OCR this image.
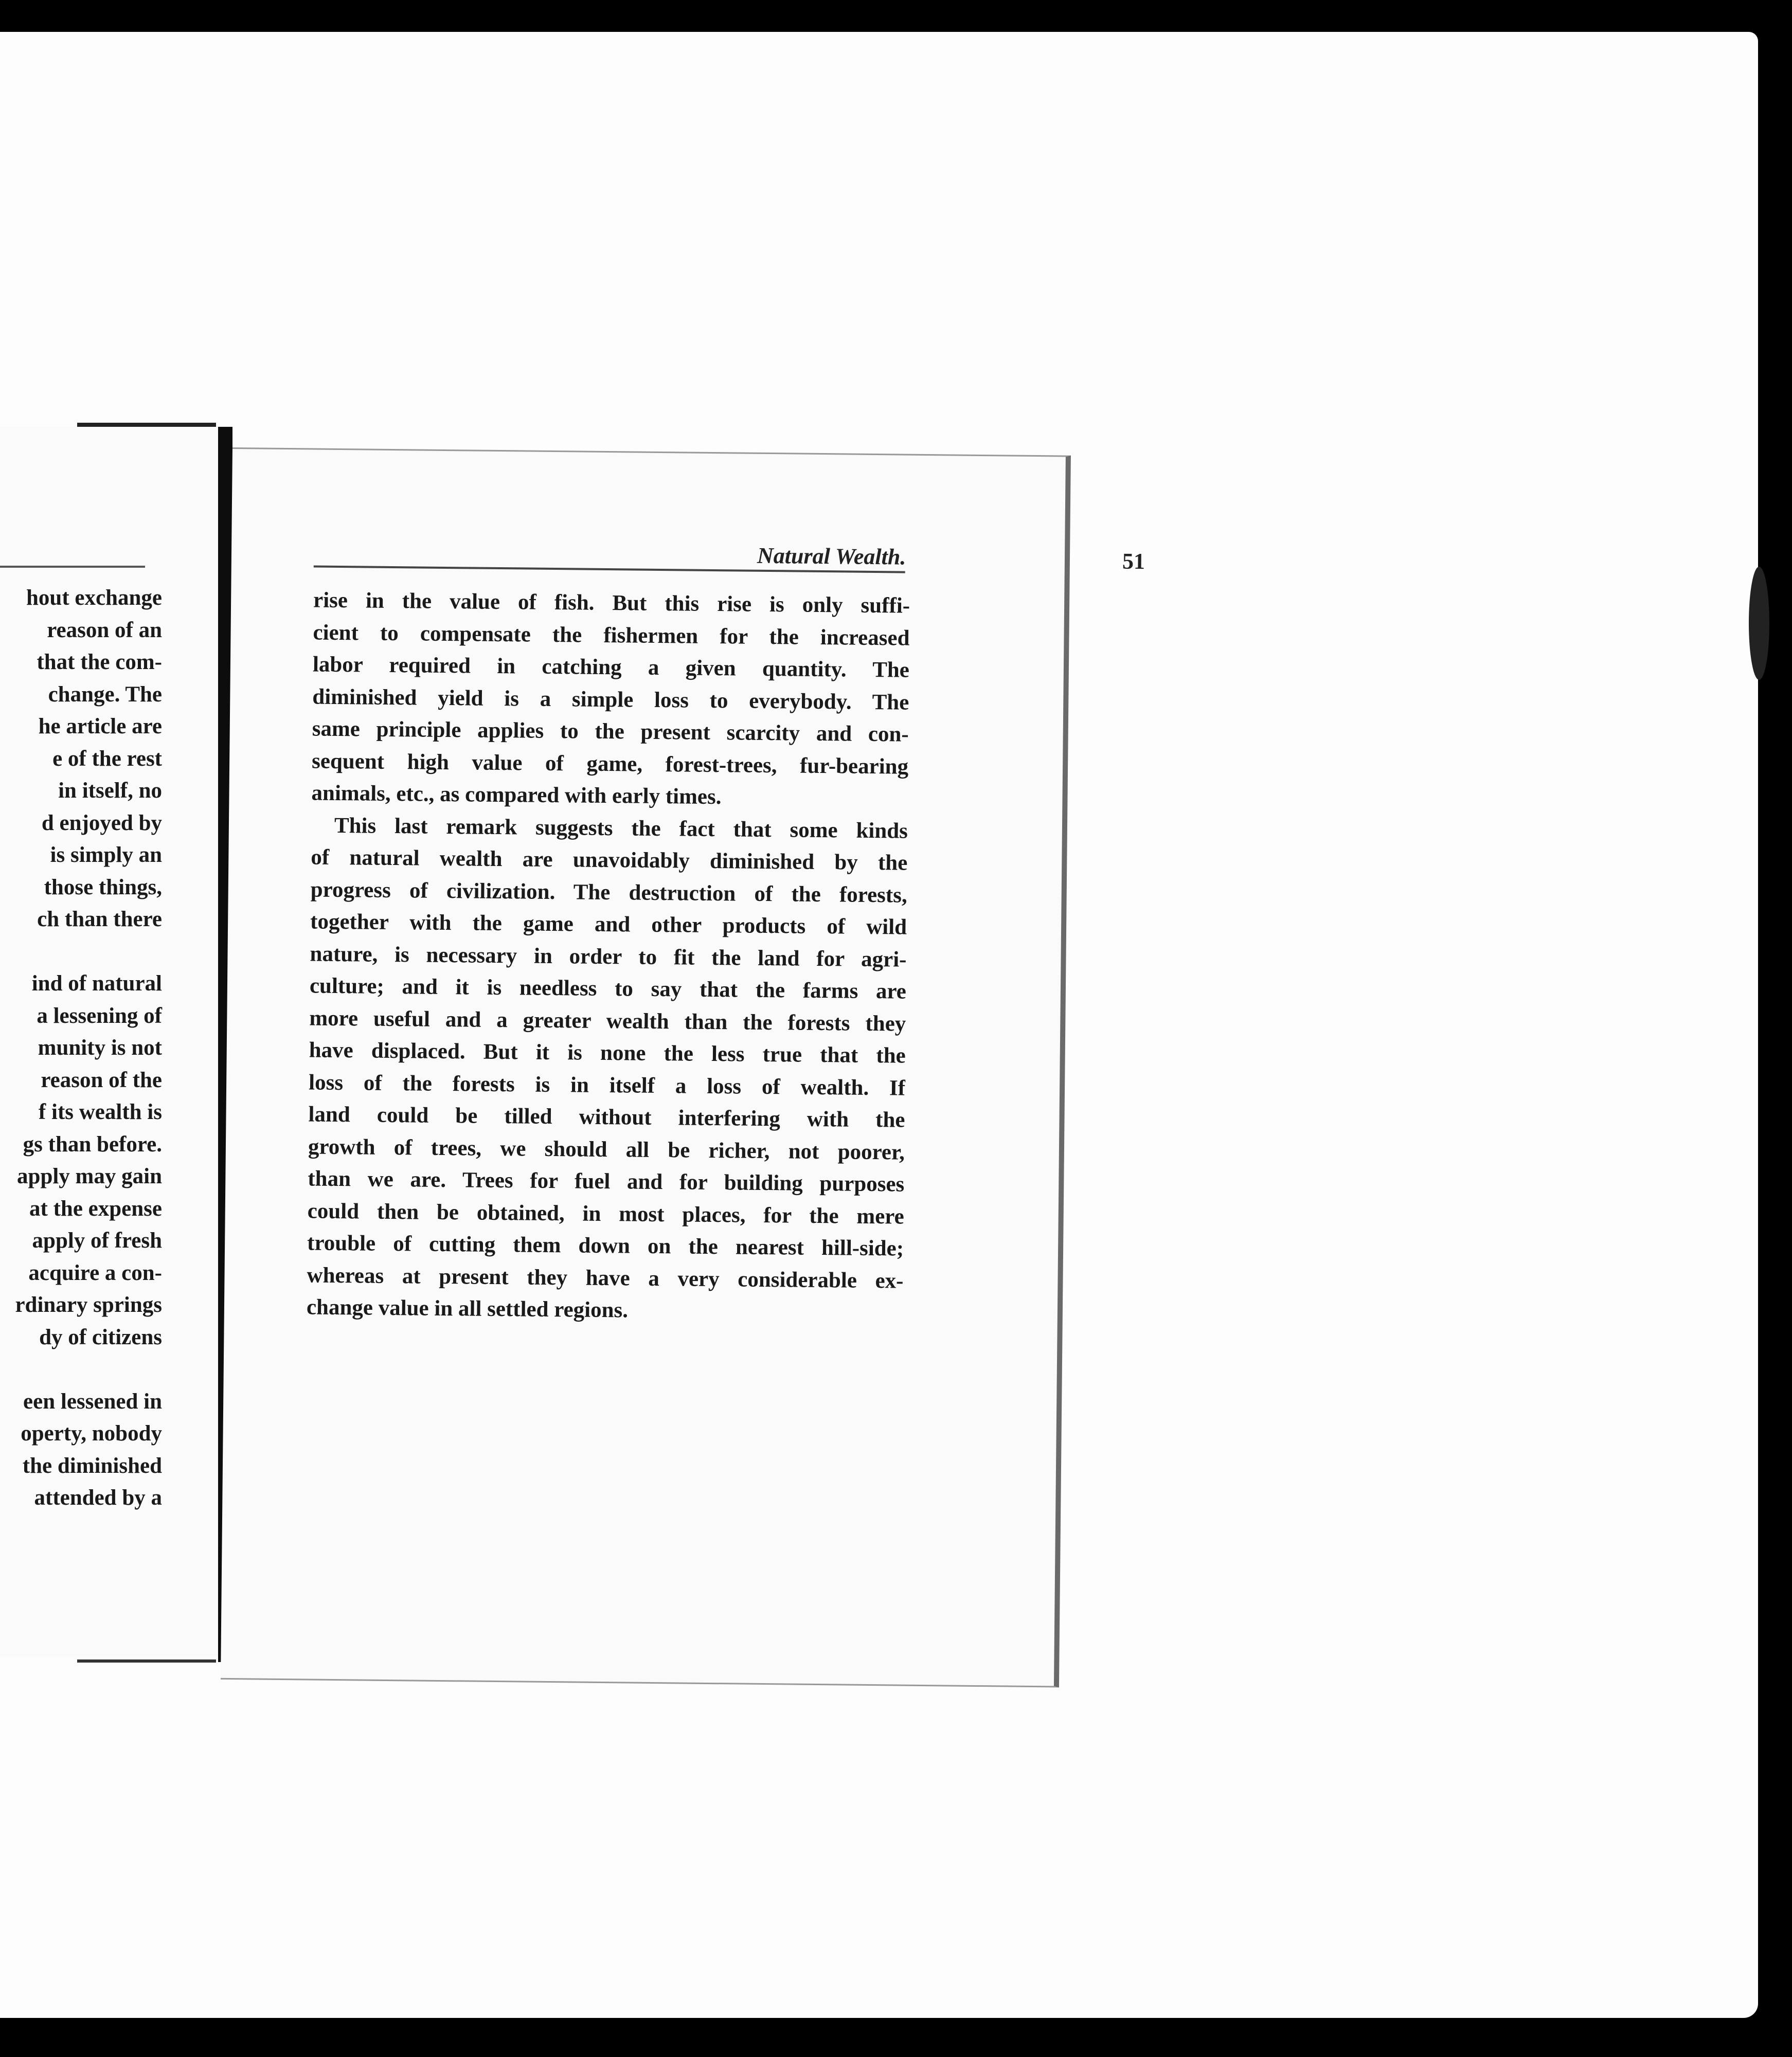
hout exchange
reason of an
that the com-
change. The
he article are
e of the rest
in itself, no
d enjoyed by
is simply an
those things,
ch than there
ind of natural
a lessening of
munity is not
reason of the
f its wealth is
gs than before.
apply may gain
at the expense
apply of fresh
acquire a con-
rdinary springs
dy of citizens
een lessened in
operty, nobody
the diminished
attended by a
Natural Wealth.	51
rise in the value of fish. But this rise is only suffi-
cient to compensate the fishermen for the increased
labor required in catching a given quantity. The
diminished yield is a simple loss to everybody. The
same principle applies to the present scarcity and con-
sequent high value of game, forest-trees, fur-bearing
animals, etc., as compared with early times.
This last remark suggests the fact that some kinds
of natural wealth are unavoidably diminished by the
progress of civilization. The destruction of the forests,
together with the game and other products of wild
nature, is necessary in order to fit the land for agri-
culture; and it is needless to say that the farms are
more useful and a greater wealth than the forests they
have displaced. But it is none the less true that the
loss of the forests is in itself a loss of wealth. If
land could be tilled without interfering with the
growth of trees, we should all be richer, not poorer,
than we are. Trees for fuel and for building purposes
could then be obtained, in most places, for the mere
trouble of cutting them down on the nearest hill-side;
whereas at present they have a very considerable ex-
change value in all settled regions.
